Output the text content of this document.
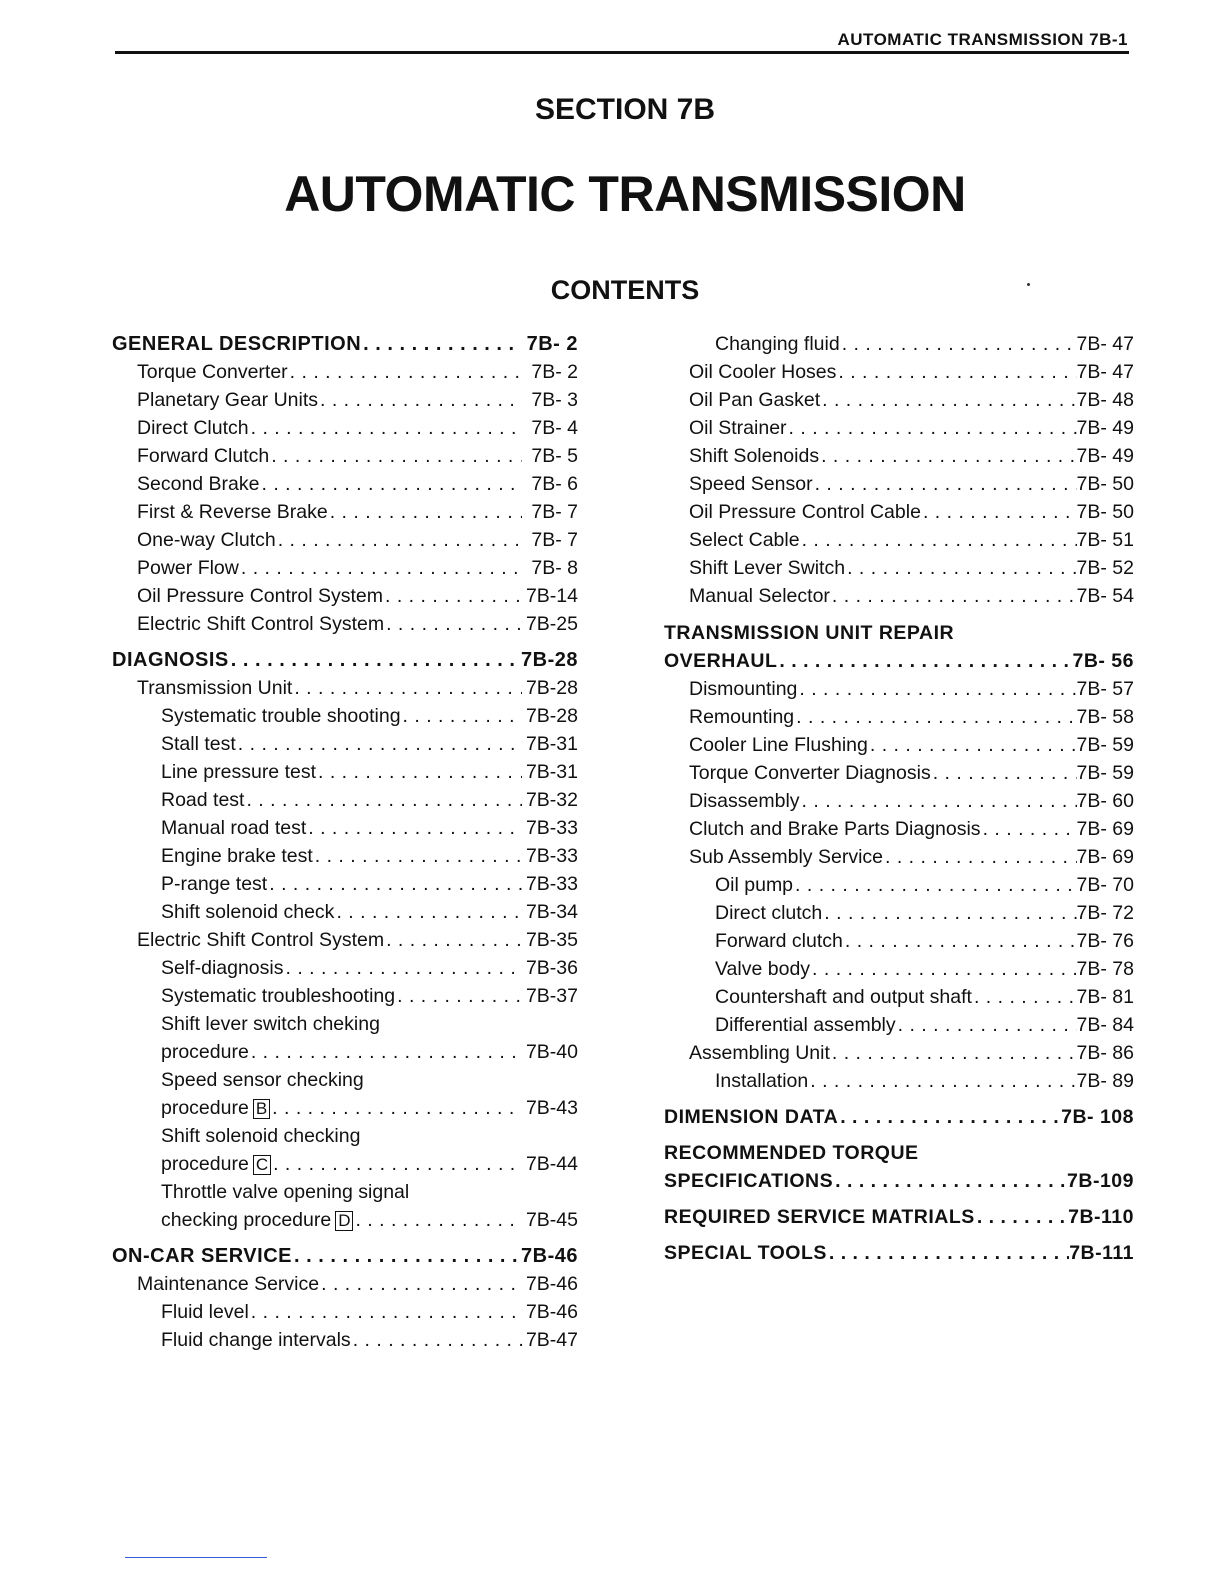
AUTOMATIC TRANSMISSION 7B-1
SECTION 7B
AUTOMATIC TRANSMISSION
CONTENTS
GENERAL DESCRIPTION . . .	7B- 2
Torque Converter . . .	7B- 2
Planetary Gear Units . . .	7B- 3
Direct Clutch . . .	7B- 4
Forward Clutch . . .	7B- 5
Second Brake . . .	7B- 6
First & Reverse Brake . . .	7B- 7
One-way Clutch . . .	7B- 7
Power Flow . . .	7B- 8
Oil Pressure Control System . . .	7B-14
Electric Shift Control System . . .	7B-25
DIAGNOSIS . . .	7B-28
Transmission Unit . . .	7B-28
Systematic trouble shooting . . .	7B-28
Stall test . . .	7B-31
Line pressure test . . .	7B-31
Road test . . .	7B-32
Manual road test . . .	7B-33
Engine brake test . . .	7B-33
P-range test . . .	7B-33
Shift solenoid check . . .	7B-34
Electric Shift Control System . . .	7B-35
Self-diagnosis . . .	7B-36
Systematic troubleshooting . . .	7B-37
Shift lever switch cheking
procedure . . .	7B-40
Speed sensor checking
procedure B . . .	7B-43
Shift solenoid checking
procedure C . . .	7B-44
Throttle valve opening signal
checking procedure D . . .	7B-45
ON-CAR SERVICE . . .	7B-46
Maintenance Service . . .	7B-46
Fluid level . . .	7B-46
Fluid change intervals . . .	7B-47
Changing fluid . . .	7B- 47
Oil Cooler Hoses . . .	7B- 47
Oil Pan Gasket . . .	7B- 48
Oil Strainer . . .	7B- 49
Shift Solenoids . . .	7B- 49
Speed Sensor . . .	7B- 50
Oil Pressure Control Cable . . .	7B- 50
Select Cable . . .	7B- 51
Shift Lever Switch . . .	7B- 52
Manual Selector . . .	7B- 54
TRANSMISSION UNIT REPAIR
OVERHAUL . . .	7B- 56
Dismounting . . .	7B- 57
Remounting . . .	7B- 58
Cooler Line Flushing . . .	7B- 59
Torque Converter Diagnosis . . .	7B- 59
Disassembly . . .	7B- 60
Clutch and Brake Parts Diagnosis . . .	7B- 69
Sub Assembly Service . . .	7B- 69
Oil pump . . .	7B- 70
Direct clutch . . .	7B- 72
Forward clutch . . .	7B- 76
Valve body . . .	7B- 78
Countershaft and output shaft . . .	7B- 81
Differential assembly . . .	7B- 84
Assembling Unit . . .	7B- 86
Installation . . .	7B- 89
DIMENSION DATA . . .	7B- 108
RECOMMENDED TORQUE
SPECIFICATIONS . . .	7B-109
REQUIRED SERVICE MATRIALS . . .	7B-110
SPECIAL TOOLS . . .	7B-111
